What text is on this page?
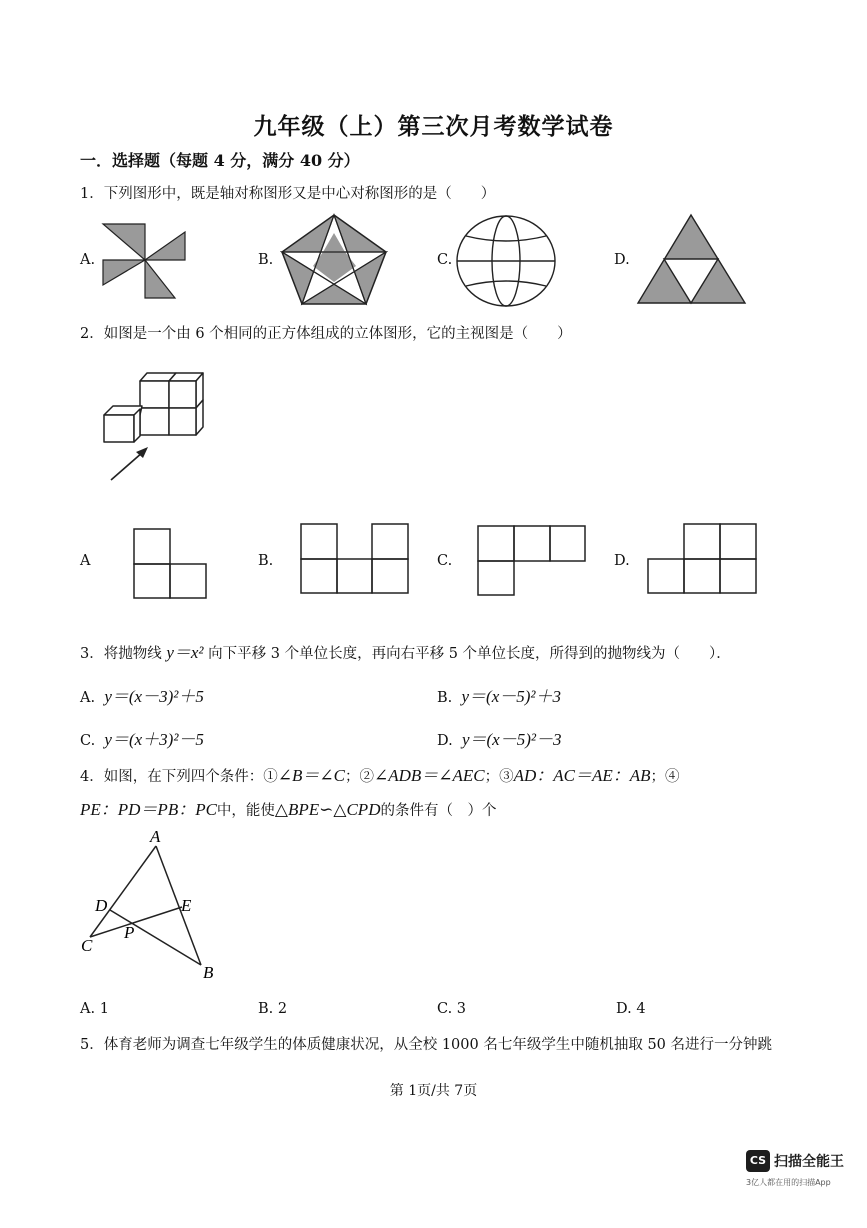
九年级（上）第三次月考数学试卷
一．选择题（每题 4 分，满分 40 分）
1．下列图形中，既是轴对称图形又是中心对称图形的是（　　）
A.	B.	C.	D.
2．如图是一个由 6 个相同的正方体组成的立体图形，它的主视图是（　　）
A	B.	C.	D.
3．将抛物线 y＝x² 向下平移 3 个单位长度，再向右平移 5 个单位长度，所得到的抛物线为（　　）．
A. y＝(x－3)²＋5	B. y＝(x－5)²＋3
C. y＝(x＋3)²－5	D. y＝(x－5)²－3
4．如图，在下列四个条件：①∠B＝∠C；②∠ADB＝∠AEC；③AD：AC＝AE：AB；④
PE：PD＝PB：PC中，能使△BPE∽△CPD的条件有（　）个
A
D	E
C
P
B
A. 1	B. 2	C. 3	D. 4
5．体育老师为调查七年级学生的体质健康状况，从全校 1000 名七年级学生中随机抽取 50 名进行一分钟跳
第 1页/共 7页
CS 扫描全能王
3亿人都在用的扫描App
